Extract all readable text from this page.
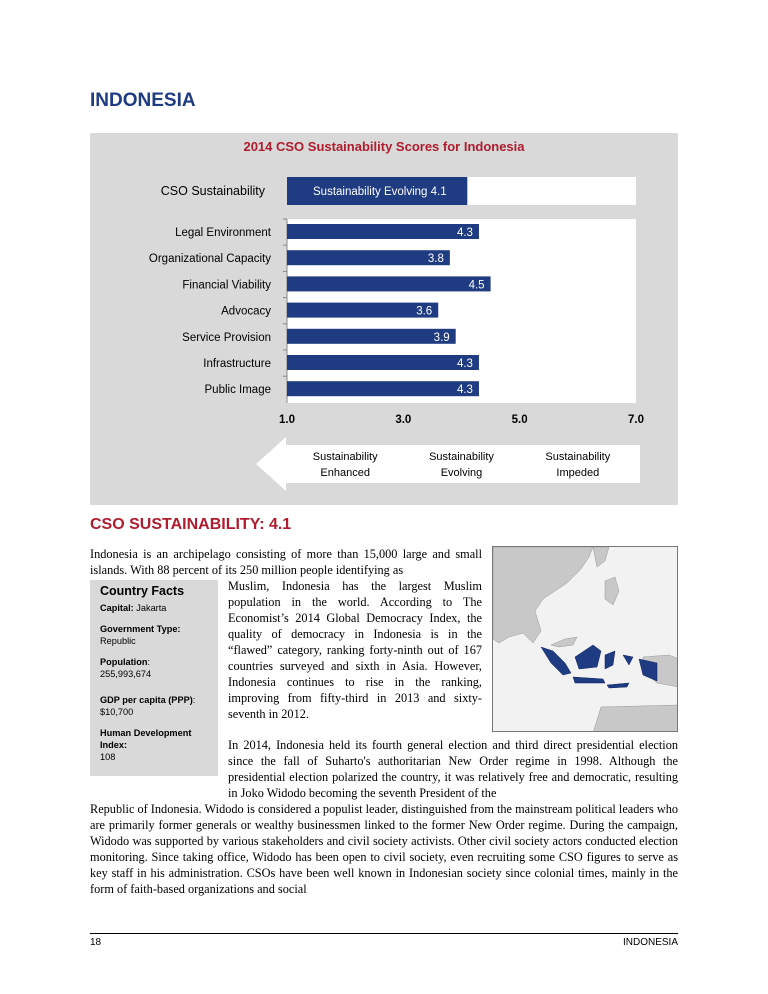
INDONESIA
CSO Sustainability	Sustainability Evolving 4.1
Legal Environment	4.3
Organizational Capacity	3.8
Financial Viability	4.5
Advocacy	3.6
Service Provision	3.9
Infrastructure	4.3
Public Image	4.3
1.0	3.0	5.0	7.0
Sustainability
Enhanced
Sustainability
Evolving
Sustainability
Impeded
2014 CSO Sustainability Scores for Indonesia
CSO SUSTAINABILITY: 4.1
Indonesia is an archipelago consisting of more than 15,000 large and small islands. With 88 percent of its 250 million people identifying as
Muslim, Indonesia has the largest Muslim population in the world. According to The Economist’s 2014 Global Democracy Index, the quality of democracy in Indonesia is in the “flawed” category, ranking forty-ninth out of 167 countries surveyed and sixth in Asia. However, Indonesia continues to rise in the ranking, improving from fifty-third in 2013 and sixty-seventh in 2012.
Country Facts
Capital: Jakarta
Government Type:
Republic
Population:
255,993,674
GDP per capita (PPP): $10,700
Human Development Index:
108
In 2014, Indonesia held its fourth general election and third direct presidential election since the fall of Suharto's authoritarian New Order regime in 1998. Although the presidential election polarized the country, it was relatively free and democratic, resulting in Joko Widodo becoming the seventh President of the
Republic of Indonesia. Widodo is considered a populist leader, distinguished from the mainstream political leaders who are primarily former generals or wealthy businessmen linked to the former New Order regime. During the campaign, Widodo was supported by various stakeholders and civil society activists. Other civil society actors conducted election monitoring. Since taking office, Widodo has been open to civil society, even recruiting some CSO figures to serve as key staff in his administration. CSOs have been well known in Indonesian society since colonial times, mainly in the form of faith-based organizations and social
18	INDONESIA
